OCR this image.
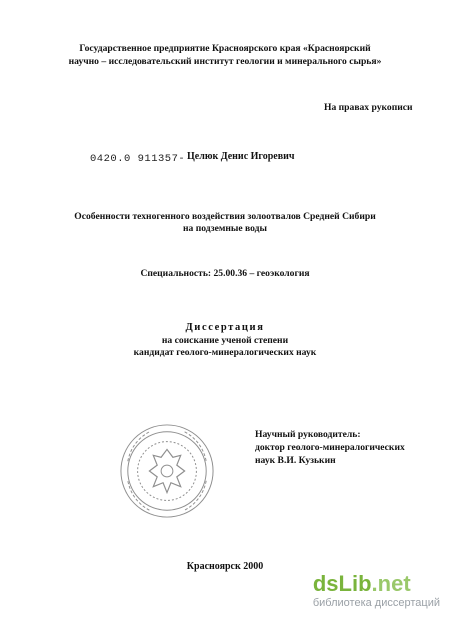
Государственное предприятие Красноярского края «Красноярский
научно – исследовательский институт геологии и минерального сырья»
На правах рукописи
0420.0 911357- Целюк Денис Игоревич
Особенности техногенного воздействия золоотвалов Средней Сибири
на подземные воды
Специальность: 25.00.36 – геоэкология
Диссертация
на соискание ученой степени
кандидат геолого-минералогических наук
Научный руководитель:
доктор геолого-минералогических
наук В.И. Кузькин
Красноярск 2000
dsLib.net
библиотека диссертаций
